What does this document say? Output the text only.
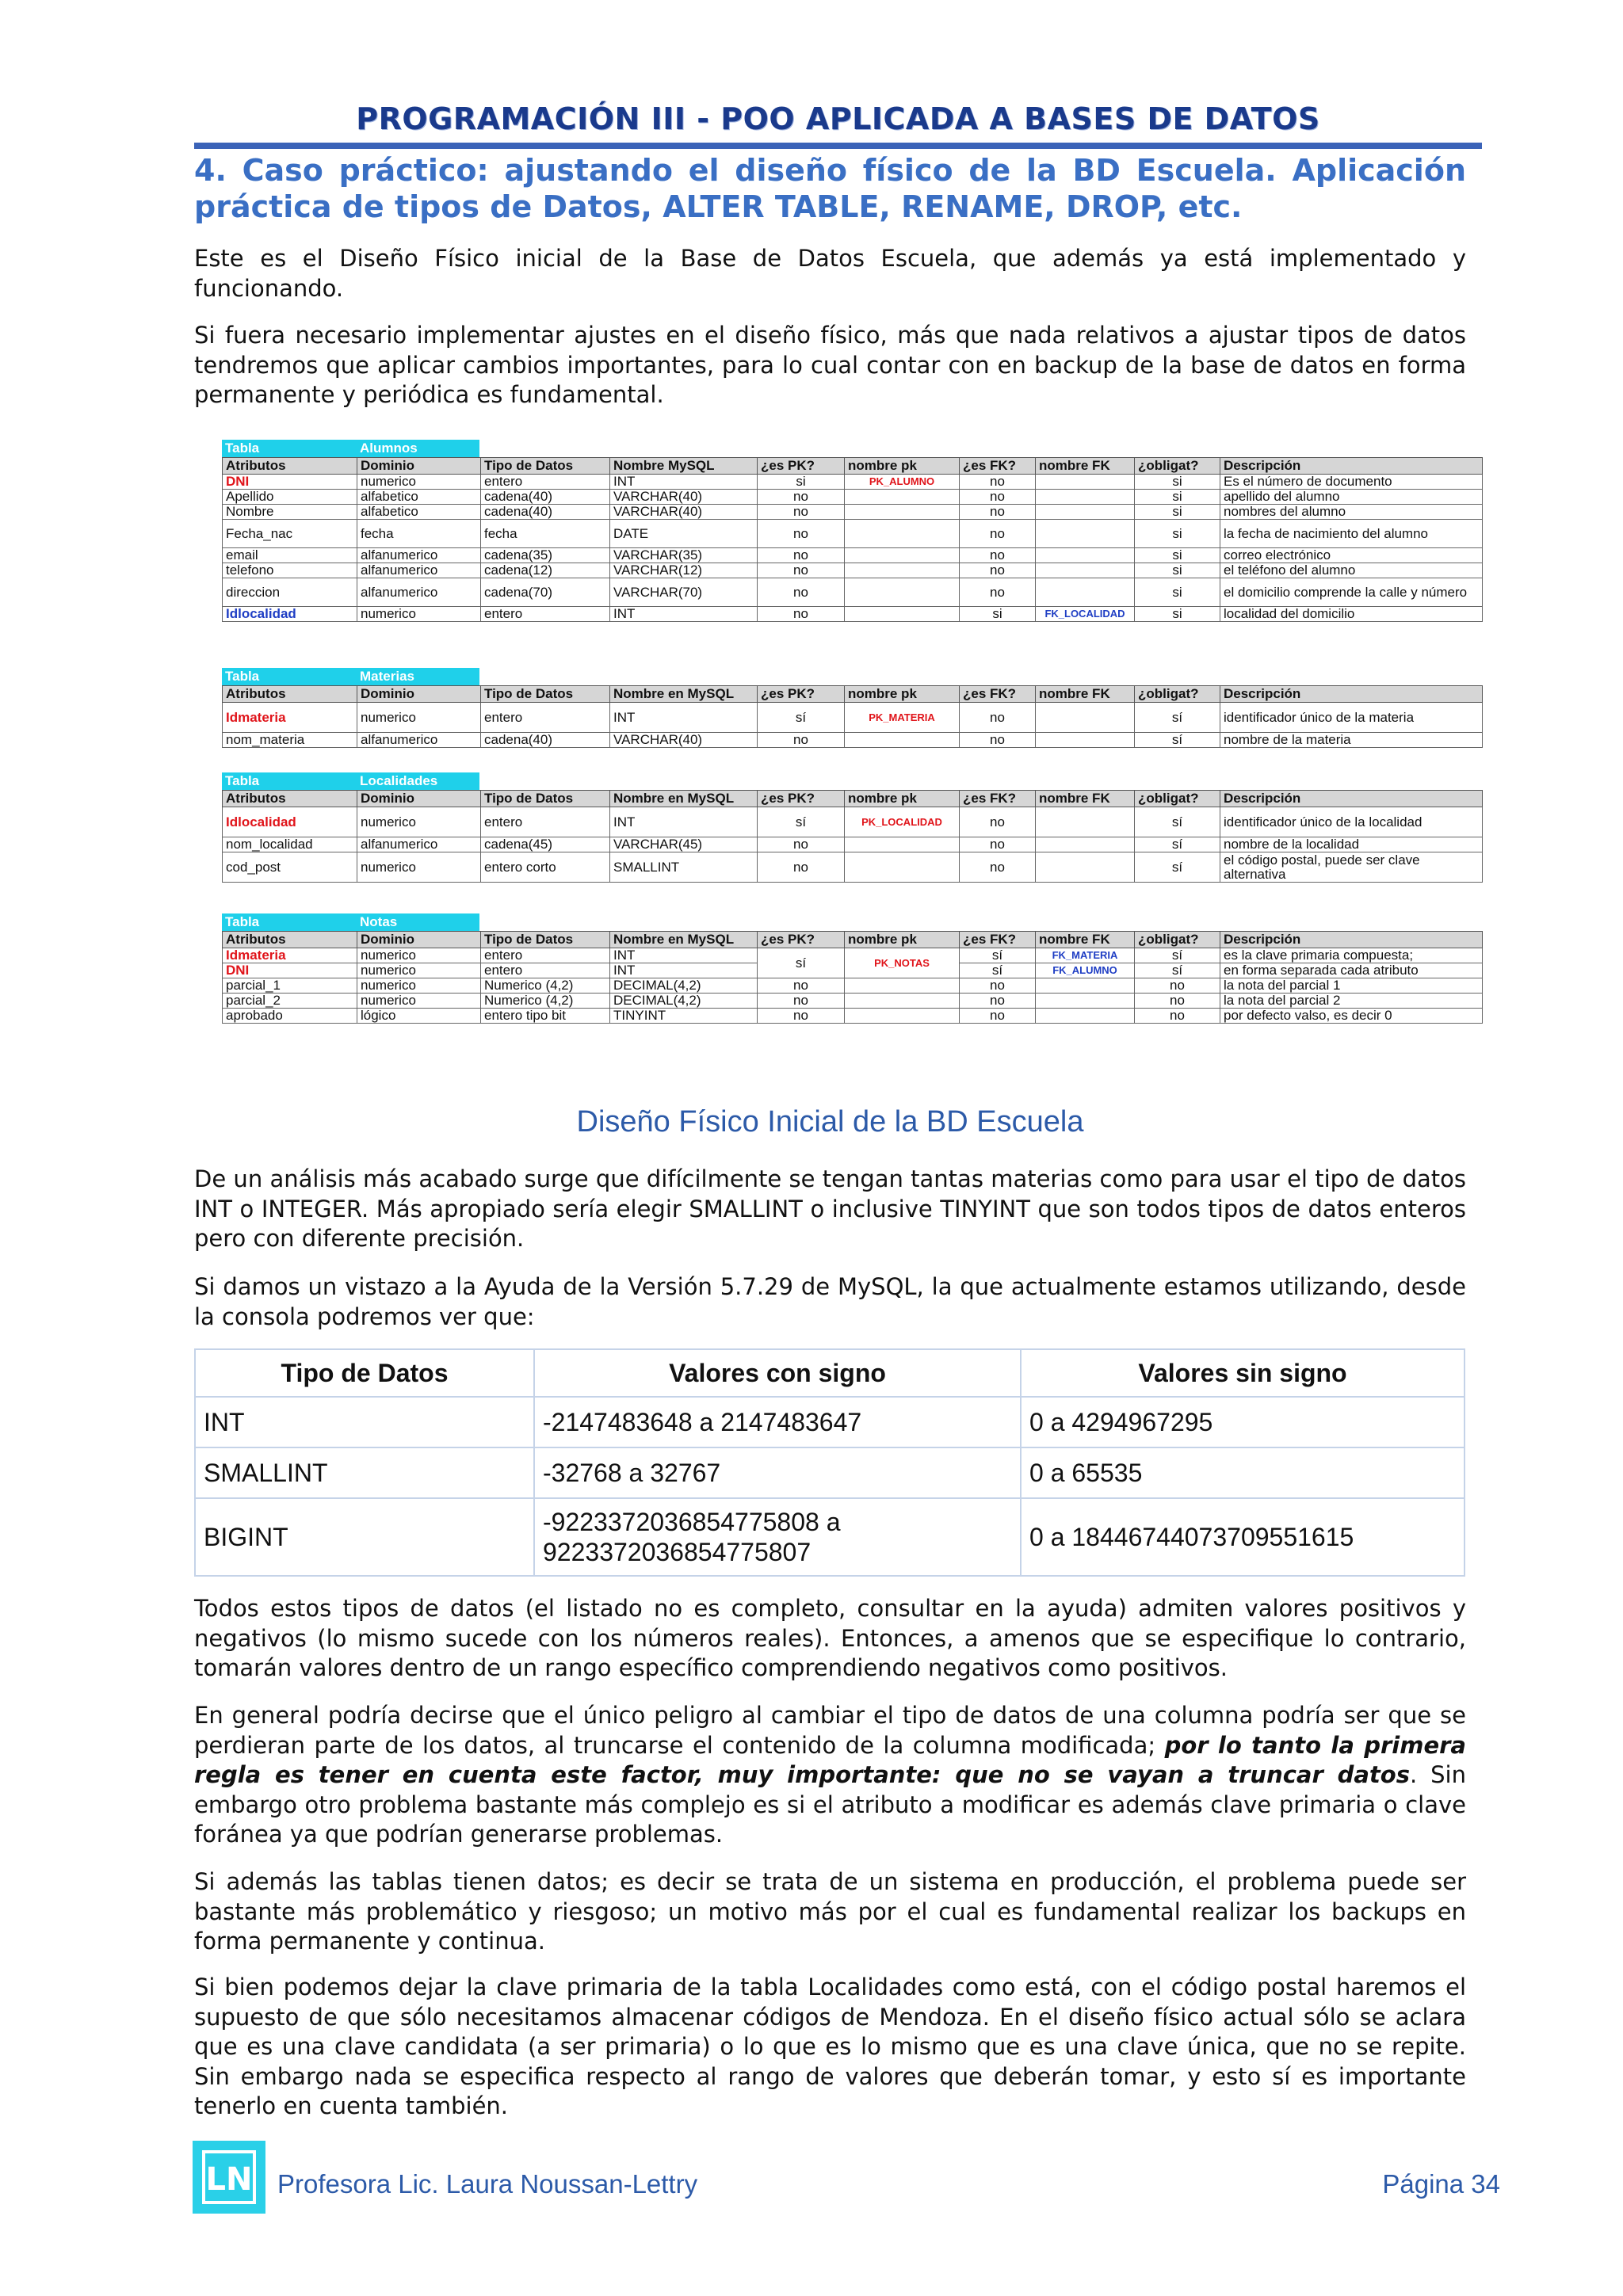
PROGRAMACIÓN III - POO APLICADA A BASES DE DATOS
4. Caso práctico: ajustando el diseño físico de la BD Escuela. Aplicación práctica de tipos de Datos, ALTER TABLE, RENAME, DROP, etc.
Este es el Diseño Físico inicial de la Base de Datos Escuela, que además ya está implementado y funcionando.
Si fuera necesario implementar ajustes en el diseño físico, más que nada relativos a ajustar tipos de datos tendremos que aplicar cambios importantes, para lo cual contar con en backup de la base de datos en forma permanente y periódica es fundamental.
Tabla	Alumnos
Atributos	Dominio	Tipo de Datos	Nombre MySQL	¿es PK?	nombre pk	¿es FK?	nombre FK	¿obligat?	Descripción
DNI	numerico	entero	INT	si	PK_ALUMNO	no		si	Es el número de documento
Apellido	alfabetico	cadena(40)	VARCHAR(40)	no		no		si	apellido del alumno
Nombre	alfabetico	cadena(40)	VARCHAR(40)	no		no		si	nombres del alumno
Fecha_nac	fecha	fecha	DATE	no		no		si	la fecha de nacimiento del alumno
email	alfanumerico	cadena(35)	VARCHAR(35)	no		no		si	correo electrónico
telefono	alfanumerico	cadena(12)	VARCHAR(12)	no		no		si	el teléfono del alumno
direccion	alfanumerico	cadena(70)	VARCHAR(70)	no		no		si	el domicilio comprende la calle y número
Idlocalidad	numerico	entero	INT	no		si	FK_LOCALIDAD	si	localidad del domicilio
Tabla	Materias
Atributos	Dominio	Tipo de Datos	Nombre en MySQL	¿es PK?	nombre pk	¿es FK?	nombre FK	¿obligat?	Descripción
Idmateria	numerico	entero	INT	sí	PK_MATERIA	no		sí	identificador único de la materia
nom_materia	alfanumerico	cadena(40)	VARCHAR(40)	no		no		sí	nombre de la materia
Tabla	Localidades
Atributos	Dominio	Tipo de Datos	Nombre en MySQL	¿es PK?	nombre pk	¿es FK?	nombre FK	¿obligat?	Descripción
Idlocalidad	numerico	entero	INT	sí	PK_LOCALIDAD	no		sí	identificador único de la localidad
nom_localidad	alfanumerico	cadena(45)	VARCHAR(45)	no		no		sí	nombre de la localidad
cod_post	numerico	entero corto	SMALLINT	no		no		sí	el código postal, puede ser clave alternativa
Tabla	Notas
Atributos	Dominio	Tipo de Datos	Nombre en MySQL	¿es PK?	nombre pk	¿es FK?	nombre FK	¿obligat?	Descripción
Idmateria	numerico	entero	INT	sí	PK_NOTAS	sí	FK_MATERIA	sí	es la clave primaria compuesta;
DNI	numerico	entero	INT			sí	FK_ALUMNO	sí	en forma separada cada atributo
parcial_1	numerico	Numerico (4,2)	DECIMAL(4,2)	no		no		no	la nota del parcial 1
parcial_2	numerico	Numerico (4,2)	DECIMAL(4,2)	no		no		no	la nota del parcial 2
aprobado	lógico	entero tipo bit	TINYINT	no		no		no	por defecto valso, es decir 0
Diseño Físico Inicial de la BD Escuela
De un análisis más acabado surge que difícilmente se tengan tantas materias como para usar el tipo de datos INT o INTEGER. Más apropiado sería elegir SMALLINT o inclusive TINYINT que son todos tipos de datos enteros pero con diferente precisión.
Si damos un vistazo a la Ayuda de la Versión 5.7.29 de MySQL, la que actualmente estamos utilizando, desde la consola podremos ver que:
Tipo de Datos	Valores con signo	Valores sin signo
INT	-2147483648 a 2147483647	0 a 4294967295
SMALLINT	-32768 a 32767	0 a 65535
BIGINT	-9223372036854775808 a 9223372036854775807	0 a 18446744073709551615
Todos estos tipos de datos (el listado no es completo, consultar en la ayuda) admiten valores positivos y negativos (lo mismo sucede con los números reales). Entonces, a amenos que se especifique lo contrario, tomarán valores dentro de un rango específico comprendiendo negativos como positivos.
En general podría decirse que el único peligro al cambiar el tipo de datos de una columna podría ser que se perdieran parte de los datos, al truncarse el contenido de la columna modificada; por lo tanto la primera regla es tener en cuenta este factor, muy importante: que no se vayan a truncar datos. Sin embargo otro problema bastante más complejo es si el atributo a modificar es además clave primaria o clave foránea ya que podrían generarse problemas.
Si además las tablas tienen datos; es decir se trata de un sistema en producción, el problema puede ser bastante más problemático y riesgoso; un motivo más por el cual es fundamental realizar los backups en forma permanente y continua.
Si bien podemos dejar la clave primaria de la tabla Localidades como está, con el código postal haremos el supuesto de que sólo necesitamos almacenar códigos de Mendoza. En el diseño físico actual sólo se aclara que es una clave candidata (a ser primaria) o lo que es lo mismo que es una clave única, que no se repite. Sin embargo nada se especifica respecto al rango de valores que deberán tomar, y esto sí es importante tenerlo en cuenta también.
LN Profesora Lic. Laura Noussan-Lettry	Página 34
